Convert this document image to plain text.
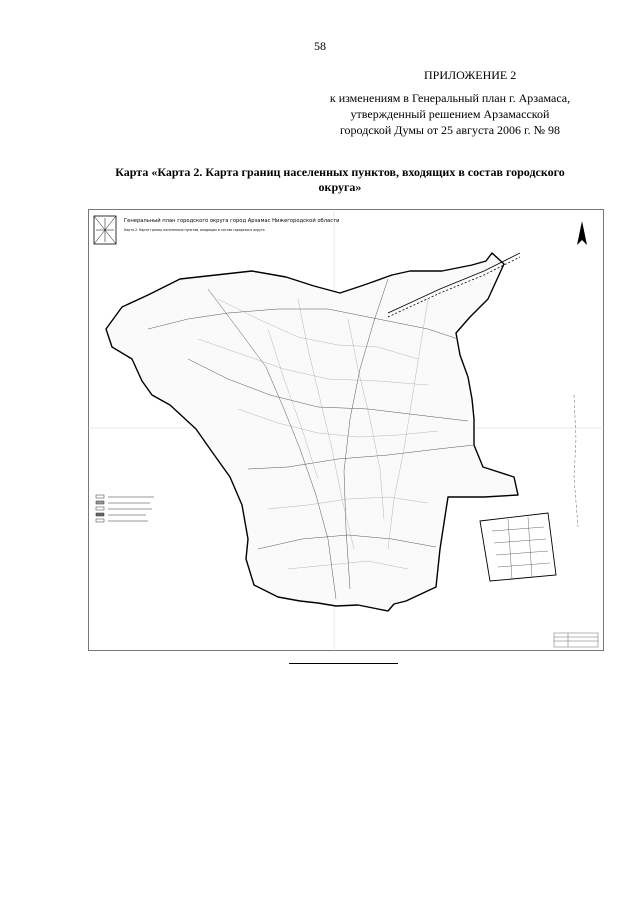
58
ПРИЛОЖЕНИЕ 2
к изменениям в Генеральный план г. Арзамаса,
утвержденный решением Арзамасской
городской Думы от 25 августа 2006 г. № 98
Карта «Карта 2. Карта границ населенных пунктов, входящих в состав городского
округа»
Генеральный план городского округа город Арзамас Нижегородской области
Карта 2. Карта границ населенных пунктов, входящих в состав городского округа
